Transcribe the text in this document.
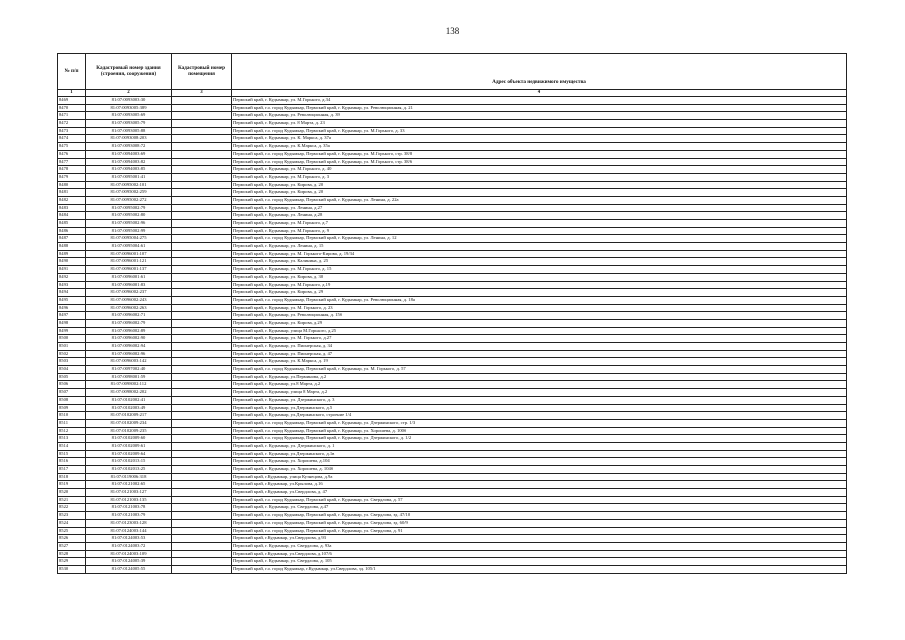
138
№ п/п	Кадастровый номер здания (строения, сооружения)	Кадастровый номер помещения	Адрес объекта недвижимого имущества
1	2	3	4
8469	81:07:0093003:30		Пермский край, г. Кудымкар, ул. М.Горького, д.34
8470	81:07:0093005:389		Пермский край, г.о. город Кудымкар, Пермский край, г. Кудымкар, ул. Революционная, д. 21
8471	81:07:0093005:69		Пермский край, г. Кудымкар, ул. Революционная, д. 39
8472	81:07:0093005:79		Пермский край, г. Кудымкар, ул. 8 Марта, д. 23
8473	81:07:0093005:88		Пермский край, г.о. город Кудымкар, Пермский край, г. Кудымкар, ул. М.Горького, д. 33
8474	81:07:0093008:203		Пермский край, г. Кудымкар, ул. К. Маркса, д. 37а
8475	81:07:0093008:72		Пермский край, г. Кудымкар, ул. К.Маркса, д. 35а
8476	81:07:0094003:69		Пермский край, г.о. город Кудымкар, Пермский край, г. Кудымкар, ул. М.Горького, стр. 38/8
8477	81:07:0094003:82		Пермский край, г.о. город Кудымкар, Пермский край, г. Кудымкар, ул. М.Горького, стр. 38/6
8478	81:07:0094003:85		Пермский край, г. Кудымкар, ул. М.Горького, д. 40
8479	81:07:0095001:41		Пермский край, г. Кудымкар, ул. М.Горького, д. 3
8480	81:07:0095002:101		Пермский край, г. Кудымкар, ул. Кирова, д. 20
8481	81:07:0095002:259		Пермский край, г. Кудымкар, ул. Кирова, д. 20
8482	81:07:0095002:272		Пермский край, г.о. город Кудымкар, Пермский край, г. Кудымкар, ул. Ленина, д. 22а
8483	81:07:0095002:79		Пермский край, г. Кудымкар, ул. Ленина, д.27
8484	81:07:0095002:80		Пермский край, г. Кудымкар, ул. Ленина, д.28
8485	81:07:0095002:96		Пермский край, г. Кудымкар, ул. М.Горького, д.7
8486	81:07:0095002:99		Пермский край, г. Кудымкар, ул. М.Горького, д. 9
8487	81:07:0095004:275		Пермский край, г.о. город Кудымкар, Пермский край, г. Кудымкар, ул. Ленина, д. 12
8488	81:07:0095004:61		Пермский край, г. Кудымкар, ул. Ленина, д. 15
8489	81:07:0096001:107		Пермский край, г. Кудымкар, ул. М. Горького-Кирова, д. 19/34
8490	81:07:0096001:121		Пермский край, г. Кудымкар, ул. Калинина, д. 25
8491	81:07:0096001:137		Пермский край, г. Кудымкар, ул. М.Горького, д. 15
8492	81:07:0096001:61		Пермский край, г. Кудымкар, ул. Кирова, д. 30
8493	81:07:0096001:83		Пермский край, г. Кудымкар, ул. М.Горького, д.19
8494	81:07:0096002:237		Пермский край, г. Кудымкар, ул. Кирова, д. 29
8495	81:07:0096002:243		Пермский край, г.о. город Кудымкар, Пермский край, г. Кудымкар, ул. Революционная, д. 18а
8496	81:07:0096002:263		Пермский край, г. Кудымкар, ул. М. Горького, д. 23
8497	81:07:0096002:71		Пермский край, г. Кудымкар, ул. Революционная, д. 15б
8498	81:07:0096002:79		Пермский край, г. Кудымкар, ул. Кирова, д.29
8499	81:07:0096002:89		Пермский край, г. Кудымкар, улица М.Горького, д.25
8500	81:07:0096002:90		Пермский край, г. Кудымкар, ул. М. Горького, д.27
8501	81:07:0096002:94		Пермский край, г. Кудымкар, ул. Пионерская, д. 34
8502	81:07:0096002:96		Пермский край, г. Кудымкар, ул. Пионерская, д. 47
8503	81:07:0096003:142		Пермский край, г. Кудымкар, ул. К.Маркса, д. 19
8504	81:07:0097002:40		Пермский край, г.о. город Кудымкар, Пермский край, г. Кудымкар, ул. М. Горького, д. 57
8505	81:07:0098001:59		Пермский край, г. Кудымкар, ул.Перминова, д.2
8506	81:07:0098002:112		Пермский край, г. Кудымкар, ул.8 Марта, д.2
8507	81:07:0098002:202		Пермский край, г. Кудымкар, улица 8 Марта, д.2
8508	81:07:0102002:41		Пермский край, г. Кудымкар, ул. Дзержинского, д. 3
8509	81:07:0102003:49		Пермский край, г. Кудымкар, ул.Дзержинского, д.5
8510	81:07:0102009:217		Пермский край, г. Кудымкар, ул.Дзержинского, строение 1/4
8511	81:07:0102009:234		Пермский край, г.о. город Кудымкар, Пермский край, г. Кудымкар, ул. Дзержинского, стр. 1/3
8512	81:07:0102009:235		Пермский край, г.о. город Кудымкар, Пермский край, г. Кудымкар, ул. Хорошева, д. 100б
8513	81:07:0102009:60		Пермский край, г.о. город Кудымкар, Пермский край, г. Кудымкар, ул. Дзержинского, д. 1/2
8514	81:07:0102009:61		Пермский край, г. Кудымкар, ул. Дзержинского, д. 1
8515	81:07:0102009:64		Пермский край, г. Кудымкар, ул.Дзержинского, д.1в
8516	81:07:0102013:15		Пермский край, г. Кудымкар, ул. Хорошева, д.104
8517	81:07:0102013:25		Пермский край, г. Кудымкар, ул. Хорошева, д. 104б
8518	81:07:0119006:318		Пермский край, г.Кудымкар, улица Кузнецова, д.9а
8519	81:07:0121002:65		Пермский край, г.Кудымкар, ул.Крылова, д.16
8520	81:07:0121003:127		Пермский край, г.Кудымкар, ул.Свердлова, д. 47
8521	81:07:0121003:135		Пермский край, г.о. город Кудымкар, Пермский край, г. Кудымкар, ул. Свердлова, д. 57
8522	81:07:0121003:78		Пермский край, г. Кудымкар, ул. Свердлова, д.47
8523	81:07:0121003:79		Пермский край, г.о. город Кудымкар, Пермский край, г. Кудымкар, ул. Свердлова, зд. 47/10
8524	81:07:0123003:128		Пермский край, г.о. город Кудымкар, Пермский край, г. Кудымкар, ул. Свердлова, зд. 60/9
8525	81:07:0124003:144		Пермский край, г.о. город Кудымкар, Пермский край, г. Кудымкар, ул. Свердлова, д. 91
8526	81:07:0124003:53		Пермский край, г.Кудымкар, ул.Свердлова, д.93
8527	81:07:0124003:72		Пермский край, г. Кудымкар, ул. Свердлова, д. 93а
8528	81:07:0124003:109		Пермский край, г.Кудымкар, ул.Свердлова, д.107/6
8529	81:07:0124005:39		Пермский край, г. Кудымкар, ул. Свердлова, д. 105
8530	81:07:0124005:55		Пермский край, г.о. город Кудымкар, г.Кудымкар, ул.Свердлова, зд. 105/1
